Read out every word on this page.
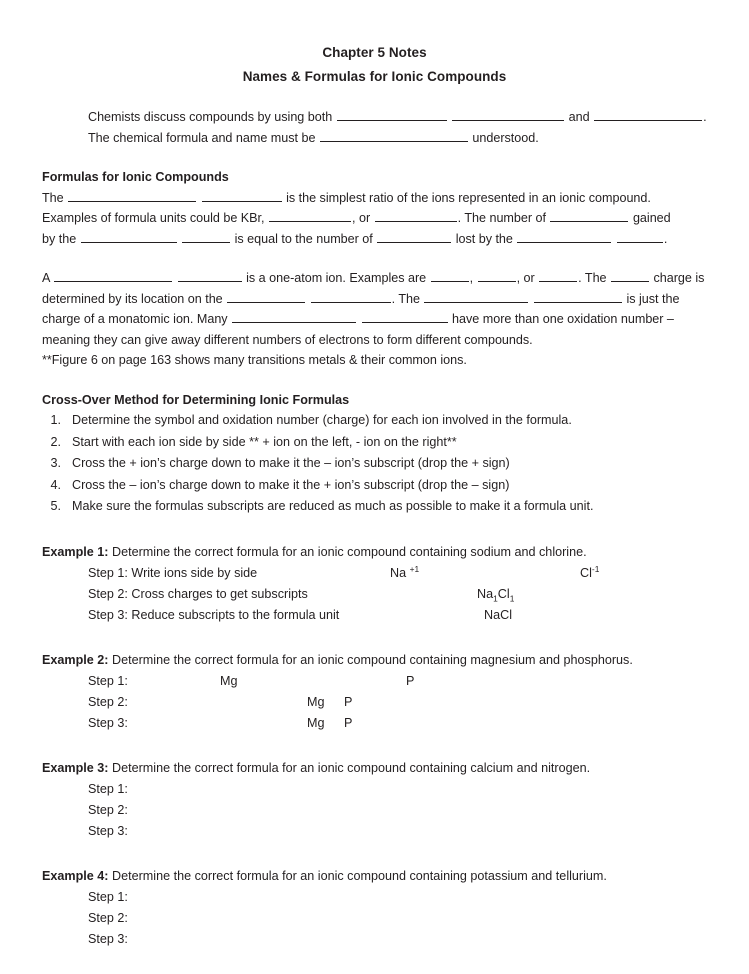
Chapter 5 Notes
Names & Formulas for Ionic Compounds
Chemists discuss compounds by using both	and	.
The chemical formula and name must be	understood.
Formulas for Ionic Compounds
The	is the simplest ratio of the ions represented in an ionic compound.
Examples of formula units could be KBr,	, or	. The number of	gained
by the	is equal to the number of	lost by the	.
A	is a one-atom ion. Examples are	,	, or	. The	charge is
determined by its location on the	. The	is just the
charge of a monatomic ion. Many	have more than one oxidation number –
meaning they can give away different numbers of electrons to form different compounds.
**Figure 6 on page 163 shows many transitions metals & their common ions.
Cross-Over Method for Determining Ionic Formulas
1. Determine the symbol and oxidation number (charge) for each ion involved in the formula.
2. Start with each ion side by side ** + ion on the left, - ion on the right**
3. Cross the + ion’s charge down to make it the – ion’s subscript (drop the + sign)
4. Cross the – ion’s charge down to make it the + ion’s subscript (drop the – sign)
5. Make sure the formulas subscripts are reduced as much as possible to make it a formula unit.
Example 1: Determine the correct formula for an ionic compound containing sodium and chlorine.
Step 1: Write ions side by side	Na $^{+1}$	$Cl^{-1}$
Step 2: Cross charges to get subscripts	$Na_1Cl_1$
Step 3: Reduce subscripts to the formula unit	NaCl
Example 2: Determine the correct formula for an ionic compound containing magnesium and phosphorus.
Step 1:	Mg	P
Step 2:	Mg P
Step 3:	Mg P
Example 3: Determine the correct formula for an ionic compound containing calcium and nitrogen.
Step 1:
Step 2:
Step 3:
Example 4: Determine the correct formula for an ionic compound containing potassium and tellurium.
Step 1:
Step 2:
Step 3:
